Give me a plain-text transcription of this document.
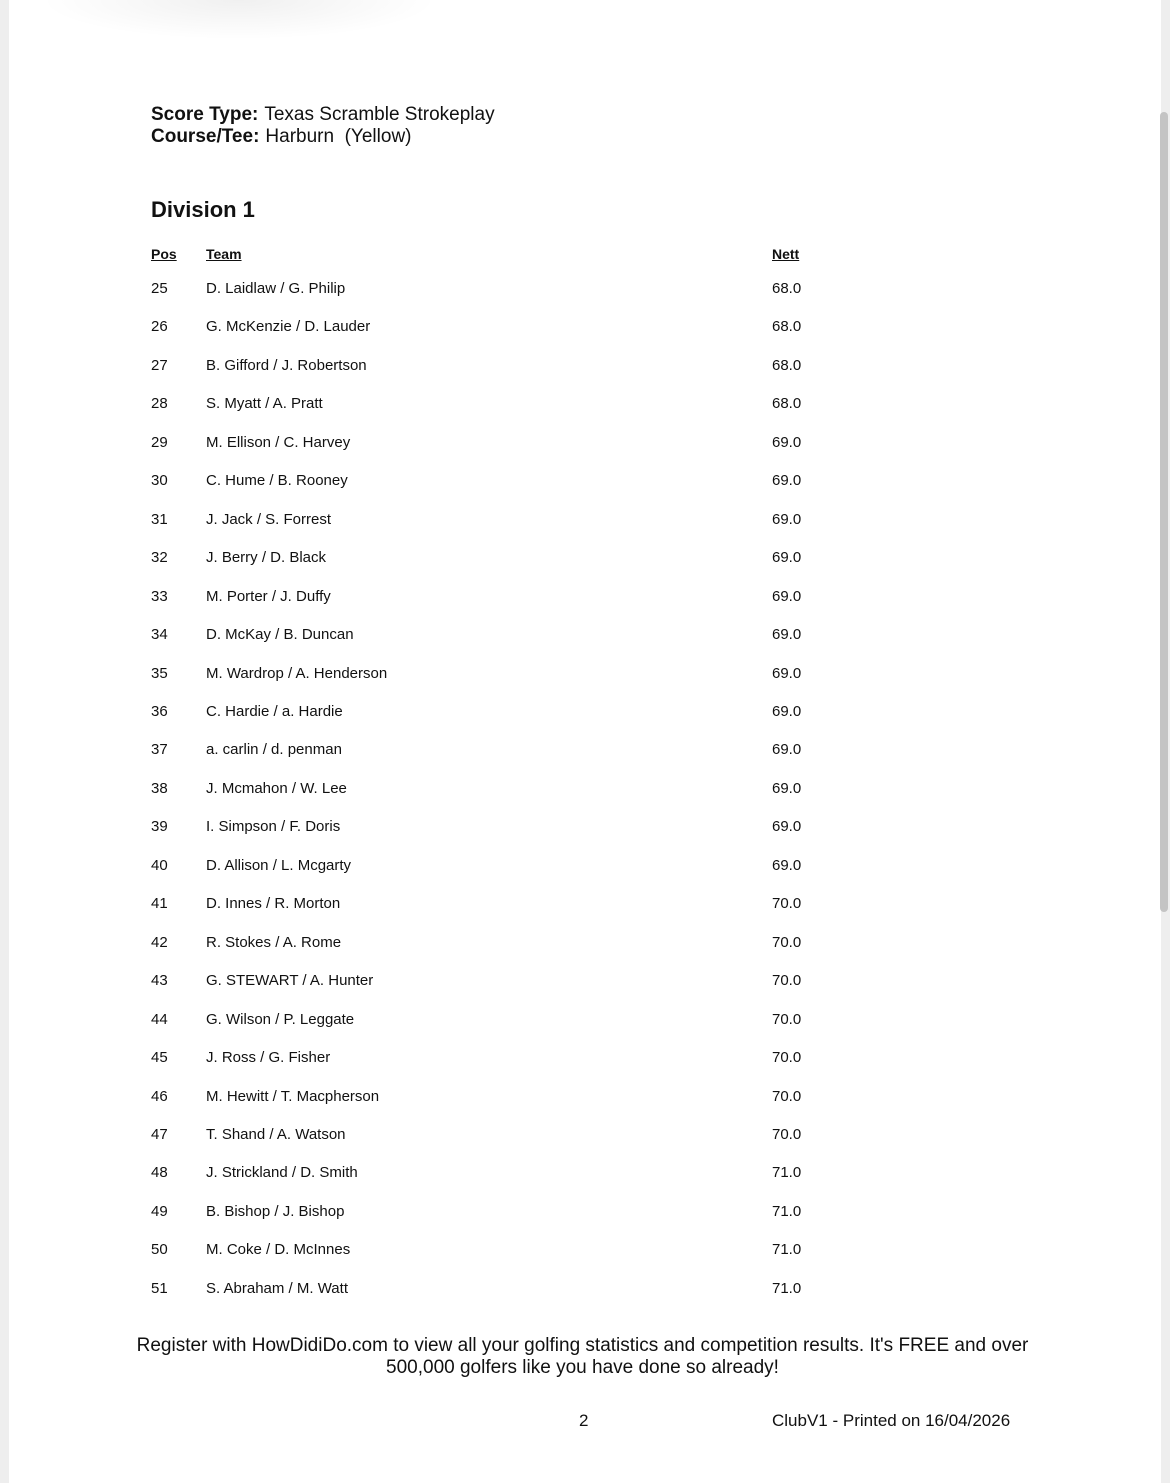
Score Type: Texas Scramble Strokeplay
Course/Tee: Harburn  (Yellow)
Division 1
Pos Team	Nett
25	D. Laidlaw / G. Philip	68.0
26	G. McKenzie / D. Lauder	68.0
27	B. Gifford / J. Robertson	68.0
28	S. Myatt / A. Pratt	68.0
29	M. Ellison / C. Harvey	69.0
30	C. Hume / B. Rooney	69.0
31	J. Jack / S. Forrest	69.0
32	J. Berry / D. Black	69.0
33	M. Porter / J. Duffy	69.0
34	D. McKay / B. Duncan	69.0
35	M. Wardrop / A. Henderson	69.0
36	C. Hardie / a. Hardie	69.0
37	a. carlin / d. penman	69.0
38	J. Mcmahon / W. Lee	69.0
39	I. Simpson / F. Doris	69.0
40	D. Allison / L. Mcgarty	69.0
41	D. Innes / R. Morton	70.0
42	R. Stokes / A. Rome	70.0
43	G. STEWART / A. Hunter	70.0
44	G. Wilson / P. Leggate	70.0
45	J. Ross / G. Fisher	70.0
46	M. Hewitt / T. Macpherson	70.0
47	T. Shand / A. Watson	70.0
48	J. Strickland / D. Smith	71.0
49	B. Bishop / J. Bishop	71.0
50	M. Coke / D. McInnes	71.0
51	S. Abraham / M. Watt	71.0
Register with HowDidiDo.com to view all your golfing statistics and competition results. It's FREE and over 500,000 golfers like you have done so already!
2	ClubV1 - Printed on 16/04/2026
